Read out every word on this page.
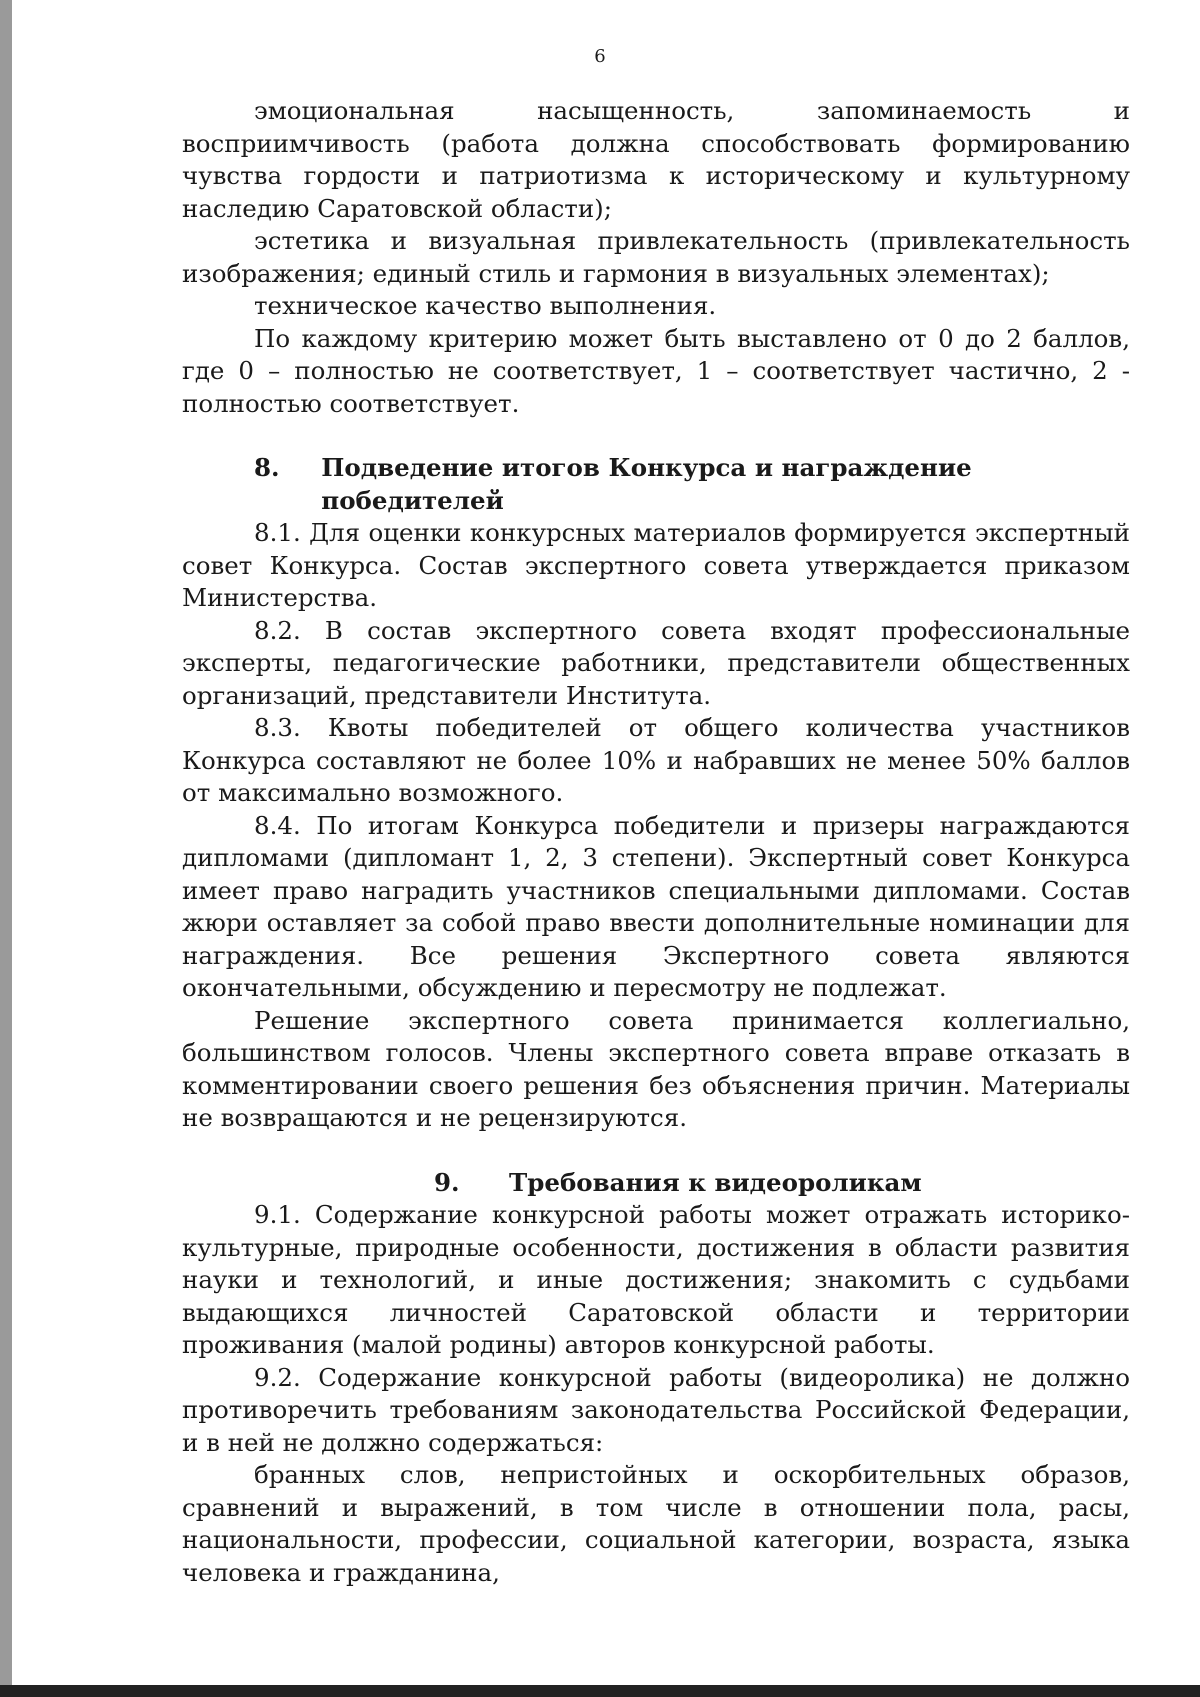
6

эмоциональная насыщенность, запоминаемость и восприимчивость (работа должна способствовать формированию чувства гордости и патриотизма к историческому и культурному наследию Саратовской области);

эстетика и визуальная привлекательность (привлекательность изображения; единый стиль и гармония в визуальных элементах);

техническое качество выполнения.

По каждому критерию может быть выставлено от 0 до 2 баллов, где 0 – полностью не соответствует, 1 – соответствует частично, 2 - полностью соответствует.

8.	Подведение итогов Конкурса и награждение победителей

8.1. Для оценки конкурсных материалов формируется экспертный совет Конкурса. Состав экспертного совета утверждается приказом Министерства.

8.2. В состав экспертного совета входят профессиональные эксперты, педагогические работники, представители общественных организаций, представители Института.

8.3. Квоты победителей от общего количества участников Конкурса составляют не более 10% и набравших не менее 50% баллов от максимально возможного.

8.4. По итогам Конкурса победители и призеры награждаются дипломами (дипломант 1, 2, 3 степени). Экспертный совет Конкурса имеет право наградить участников специальными дипломами. Состав жюри оставляет за собой право ввести дополнительные номинации для награждения. Все решения Экспертного совета являются окончательными, обсуждению и пересмотру не подлежат.

Решение экспертного совета принимается коллегиально, большинством голосов. Члены экспертного совета вправе отказать в комментировании своего решения без объяснения причин. Материалы не возвращаются и не рецензируются.

9.	Требования к видеороликам

9.1. Содержание конкурсной работы может отражать историко-культурные, природные особенности, достижения в области развития науки и технологий, и иные достижения; знакомить с судьбами выдающихся личностей Саратовской области и территории проживания (малой родины) авторов конкурсной работы.

9.2. Содержание конкурсной работы (видеоролика) не должно противоречить требованиям законодательства Российской Федерации, и в ней не должно содержаться:

бранных слов, непристойных и оскорбительных образов, сравнений и выражений, в том числе в отношении пола, расы, национальности, профессии, социальной категории, возраста, языка человека и гражданина,
